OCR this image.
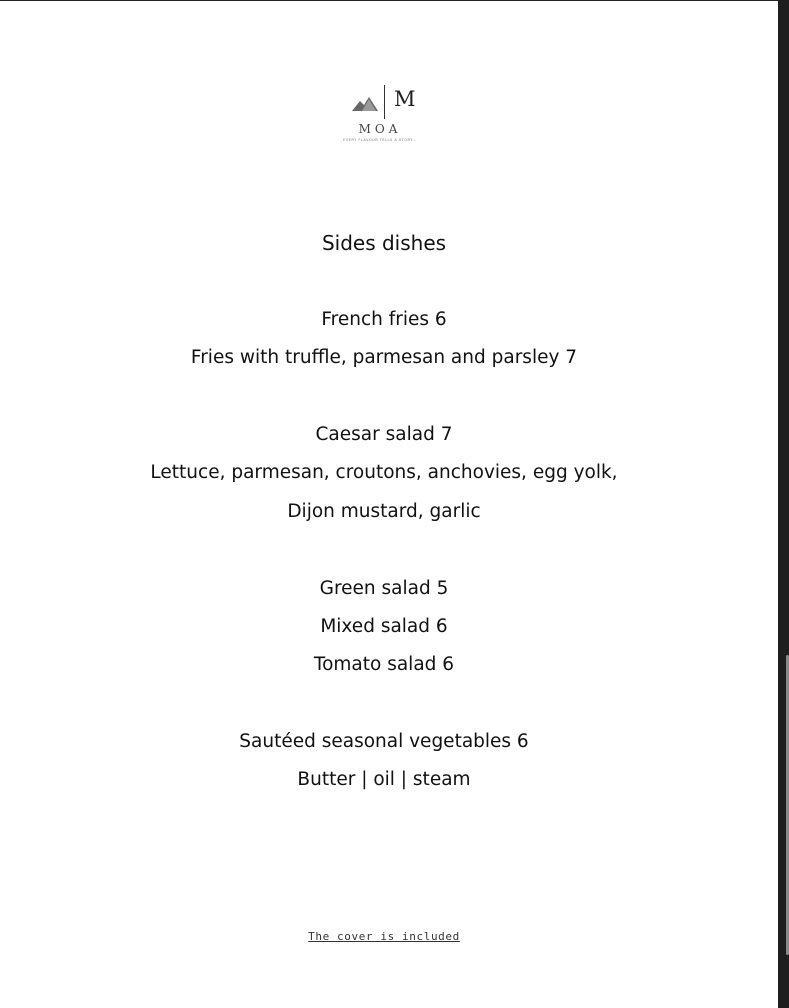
M
MOA
EVERY FLAVOUR TELLS A STORY...
Sides dishes
French fries 6
Fries with truffle, parmesan and parsley 7
Caesar salad 7
Lettuce, parmesan, croutons, anchovies, egg yolk,
Dijon mustard, garlic
Green salad 5
Mixed salad 6
Tomato salad 6
Sautéed seasonal vegetables 6
Butter | oil | steam
The cover is included
